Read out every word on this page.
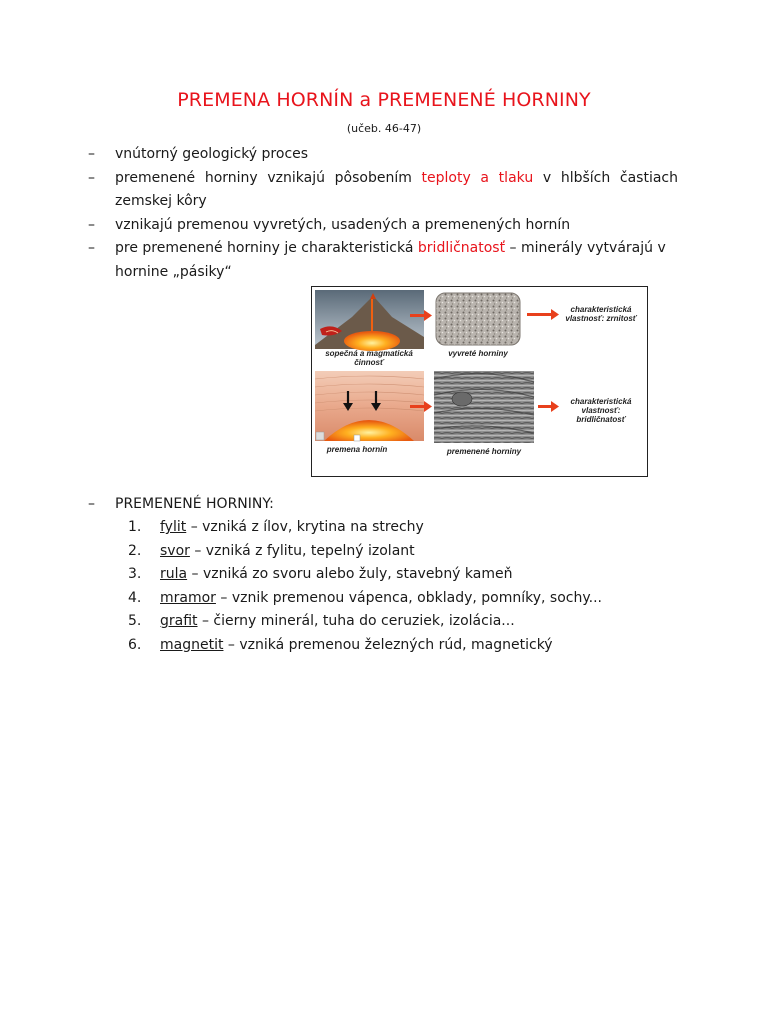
PREMENA HORNÍN a PREMENENÉ HORNINY
(učeb. 46-47)
– vnútorný geologický proces
– premenené horniny vznikajú pôsobením teploty a tlaku v hlbších častiach zemskej kôry
– vznikajú premenou vyvretých, usadených a premenených hornín
– pre premenené horniny je charakteristická bridličnatosť – minerály vytvárajú v hornine „pásiky“
sopečná a magmatická činnosť
vyvreté horniny
charakteristická vlastnosť: zrnitosť
premena hornín	premenené horniny
charakteristická vlastnosť: bridličnatosť
– PREMENENÉ HORNINY:
1. fylit – vzniká z ílov, krytina na strechy
2. svor – vzniká z fylitu, tepelný izolant
3. rula – vzniká zo svoru alebo žuly, stavebný kameň
4. mramor – vznik premenou vápenca, obklady, pomníky, sochy...
5. grafit – čierny minerál, tuha do ceruziek, izolácia...
6. magnetit – vzniká premenou železných rúd, magnetický
